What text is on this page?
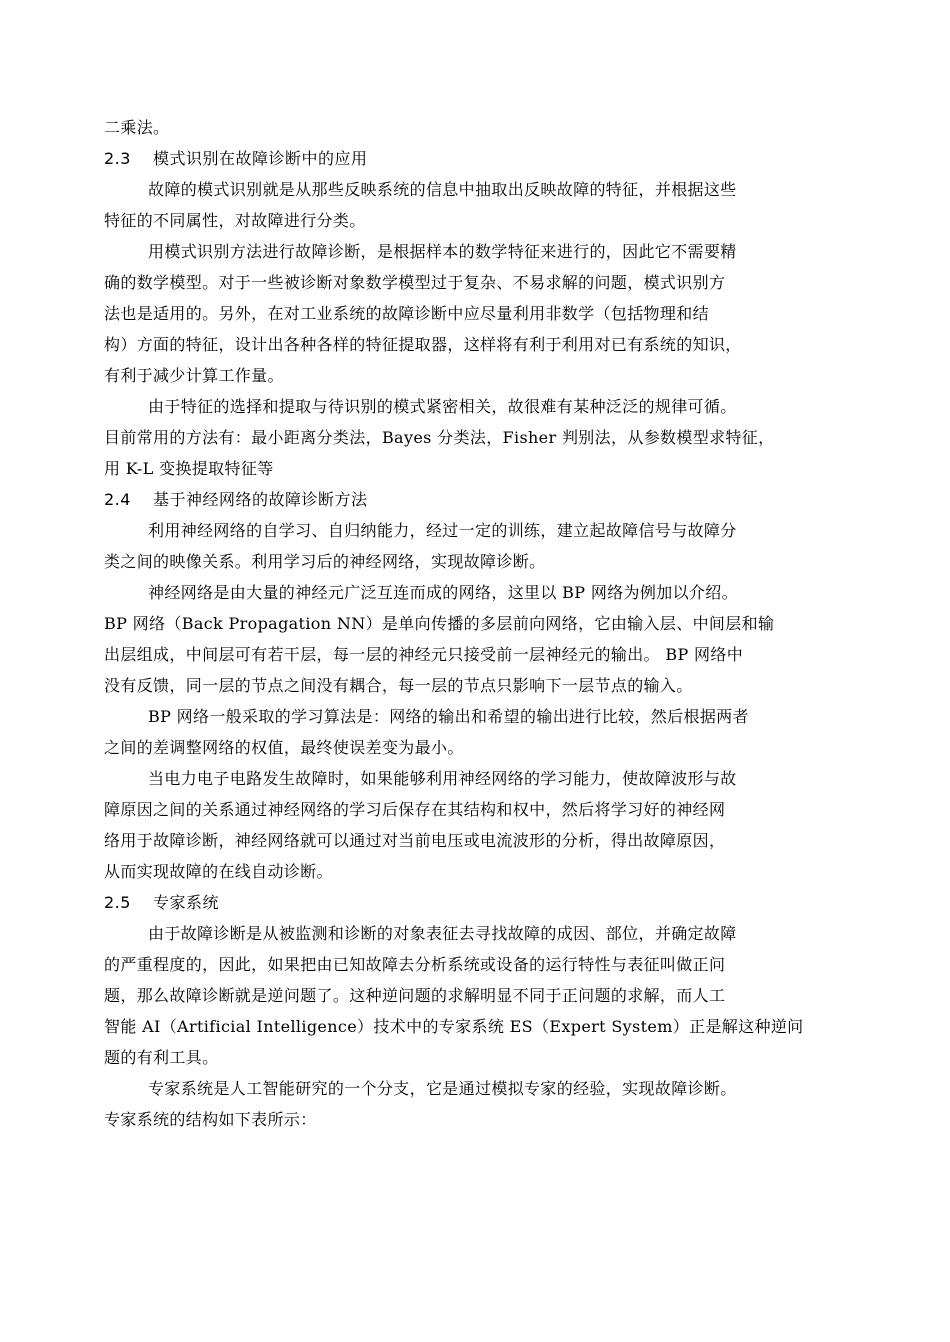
二乘法。
2.3 模式识别在故障诊断中的应用
故障的模式识别就是从那些反映系统的信息中抽取出反映故障的特征，并根据这些
特征的不同属性，对故障进行分类。
用模式识别方法进行故障诊断，是根据样本的数学特征来进行的，因此它不需要精
确的数学模型。对于一些被诊断对象数学模型过于复杂、不易求解的问题，模式识别方
法也是适用的。另外，在对工业系统的故障诊断中应尽量利用非数学（包括物理和结
构）方面的特征，设计出各种各样的特征提取器，这样将有利于利用对已有系统的知识，
有利于减少计算工作量。
由于特征的选择和提取与待识别的模式紧密相关，故很难有某种泛泛的规律可循。
目前常用的方法有：最小距离分类法，Bayes 分类法，Fisher 判别法，从参数模型求特征，
用 K-L 变换提取特征等
2.4 基于神经网络的故障诊断方法
利用神经网络的自学习、自归纳能力，经过一定的训练，建立起故障信号与故障分
类之间的映像关系。利用学习后的神经网络，实现故障诊断。
神经网络是由大量的神经元广泛互连而成的网络，这里以 BP 网络为例加以介绍。
BP 网络（Back Propagation NN）是单向传播的多层前向网络，它由输入层、中间层和输
出层组成，中间层可有若干层，每一层的神经元只接受前一层神经元的输出。 BP 网络中
没有反馈，同一层的节点之间没有耦合，每一层的节点只影响下一层节点的输入。
BP 网络一般采取的学习算法是：网络的输出和希望的输出进行比较，然后根据两者
之间的差调整网络的权值，最终使误差变为最小。
当电力电子电路发生故障时，如果能够利用神经网络的学习能力，使故障波形与故
障原因之间的关系通过神经网络的学习后保存在其结构和权中，然后将学习好的神经网
络用于故障诊断，神经网络就可以通过对当前电压或电流波形的分析，得出故障原因，
从而实现故障的在线自动诊断。
2.5 专家系统
由于故障诊断是从被监测和诊断的对象表征去寻找故障的成因、部位，并确定故障
的严重程度的，因此，如果把由已知故障去分析系统或设备的运行特性与表征叫做正问
题，那么故障诊断就是逆问题了。这种逆问题的求解明显不同于正问题的求解，而人工
智能 AI（Artificial Intelligence）技术中的专家系统 ES（Expert System）正是解这种逆问
题的有利工具。
专家系统是人工智能研究的一个分支，它是通过模拟专家的经验，实现故障诊断。
专家系统的结构如下表所示：
